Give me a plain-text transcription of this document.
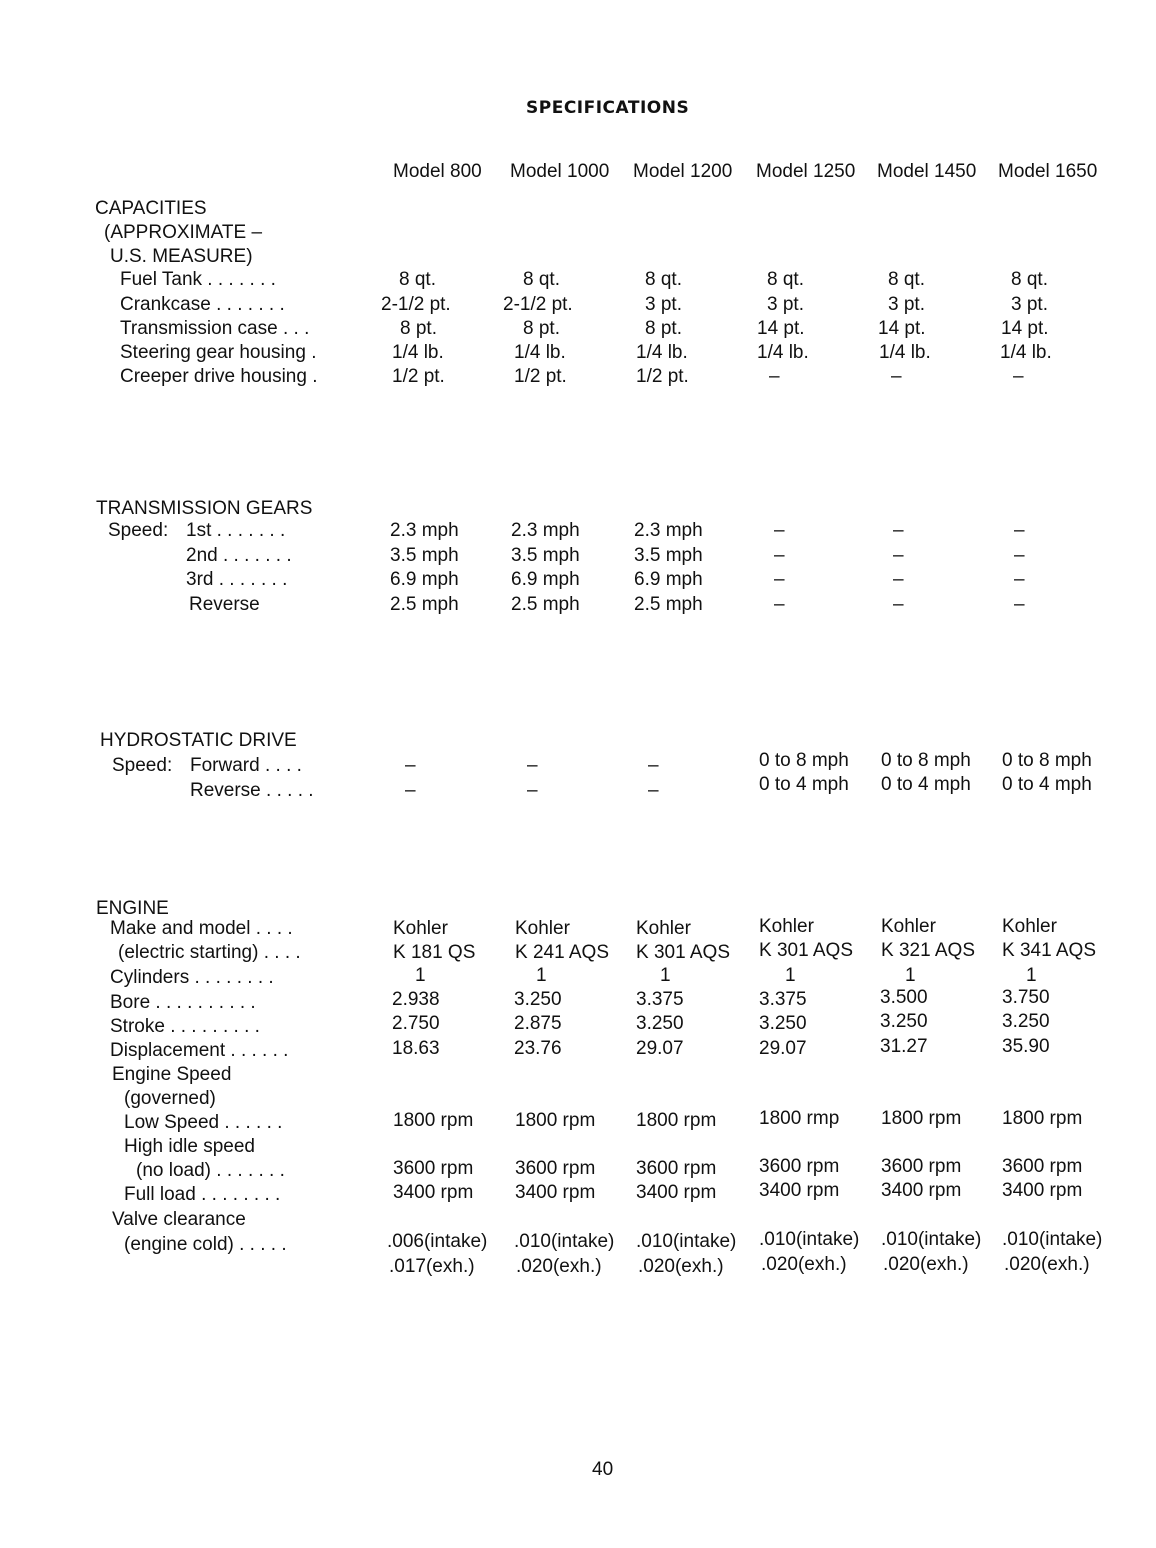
SPECIFICATIONS
Model 800 Model 1000 Model 1200 Model 1250 Model 1450 Model 1650
CAPACITIES
(APPROXIMATE –
U.S. MEASURE)
Fuel Tank . . . . . . .	8 qt.	8 qt.	8 qt.	8 qt.	8 qt.	8 qt.
Crankcase . . . . . . .	2-1/2 pt.	2-1/2 pt.	3 pt.	3 pt.	3 pt.	3 pt.
Transmission case . . .	8 pt.	8 pt.	8 pt.	14 pt.	14 pt.	14 pt.
Steering gear housing .	1/4 lb.	1/4 lb.	1/4 lb.	1/4 lb.	1/4 lb.	1/4 lb.
Creeper drive housing .	1/2 pt.	1/2 pt.	1/2 pt.	–	–	–
TRANSMISSION GEARS
Speed: 1st . . . . . . .	2.3 mph	2.3 mph	2.3 mph	–	–	–
2nd . . . . . . .	3.5 mph	3.5 mph	3.5 mph	–	–	–
3rd . . . . . . .	6.9 mph	6.9 mph	6.9 mph	–	–	–
Reverse	2.5 mph	2.5 mph	2.5 mph	–	–	–
HYDROSTATIC DRIVE
Speed: Forward . . . .	–	–	–	0 to 8 mph 0 to 8 mph 0 to 8 mph
Reverse . . . . .	–	–	–	0 to 4 mph 0 to 4 mph 0 to 4 mph
ENGINE
Make and model . . . .	Kohler	Kohler	Kohler	Kohler	Kohler	Kohler
(electric starting) . . . .	K 181 QS K 241 AQS K 301 AQS K 301 AQS K 321 AQS K 341 AQS
Cylinders . . . . . . . .	1	1	1	1	1	1
Bore . . . . . . . . . .	2.938	3.250	3.375	3.375	3.500	3.750
Stroke . . . . . . . . .	2.750	2.875	3.250	3.250	3.250	3.250
Displacement . . . . . .	18.63	23.76	29.07	29.07	31.27	35.90
Engine Speed
(governed)
Low Speed . . . . . .	1800 rpm 1800 rpm 1800 rpm 1800 rmp 1800 rpm 1800 rpm
High idle speed
(no load) . . . . . . .	3600 rpm 3600 rpm 3600 rpm 3600 rpm 3600 rpm 3600 rpm
Full load . . . . . . . .	3400 rpm 3400 rpm 3400 rpm 3400 rpm 3400 rpm 3400 rpm
Valve clearance
(engine cold) . . . . .	.006(intake) .010(intake) .010(intake) .010(intake) .010(intake) .010(intake)
.017(exh.) .020(exh.) .020(exh.) .020(exh.) .020(exh.) .020(exh.)
40
